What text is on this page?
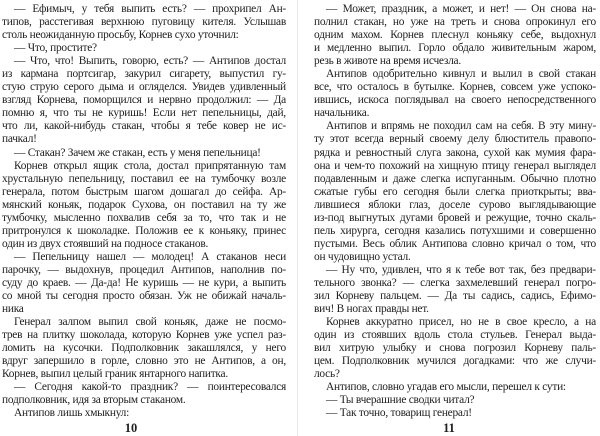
— Ефимыч, у тебя выпить есть? — прохрипел Ан-
типов, расстегивая верхнюю пуговицу кителя. Услышав
столь неожиданную просьбу, Корнев сухо уточнил:
— Что, простите?
— Что, что! Выпить, говорю, есть? — Антипов достал
из кармана портсигар, закурил сигарету, выпустил гу-
стую струю серого дыма и огляделся. Увидев удивленный
взгляд Корнева, поморщился и нервно продолжил: — Да
помню я, что ты не куришь! Если нет пепельницы, дай,
что ли, какой-нибудь стакан, чтобы я тебе ковер не ис-
пачкал!
— Стакан? Зачем же стакан, есть у меня пепельница!
Корнев открыл ящик стола, достал припрятанную там
хрустальную пепельницу, поставил ее на тумбочку возле
генерала, потом быстрым шагом дошагал до сейфа. Ар-
мянский коньяк, подарок Сухова, он поставил на ту же
тумбочку, мысленно похвалив себя за то, что так и не
притронулся к шоколадке. Положив ее к коньяку, принес
один из двух стоявший на подносе стаканов.
— Пепельницу нашел — молодец! А стаканов неси
парочку, — выдохнув, процедил Антипов, наполнив по-
суду до краев. — Да-да! Не куришь — не кури, а выпить
со мной ты сегодня просто обязан. Уж не обижай началь-
ника
Генерал залпом выпил свой коньяк, даже не посмо-
трев на плитку шоколада, которую Корнев уже успел раз-
ломить на кусочки. Подполковник закашлялся, у него
вдруг запершило в горле, словно это не Антипов, а он,
Корнев, выпил целый гра́ник янтарного напитка.
— Сегодня какой-то праздник? — поинтересовался
подполковник, идя за вторым стаканом.
Антипов лишь хмыкнул:
10
— Может, праздник, а может, и нет! — Он снова на-
полнил стакан, но уже на треть и снова опрокинул его
одним махом. Корнев плеснул коньяку себе, выдохнул
и медленно выпил. Горло обдало живительным жаром,
резь в животе на время исчезла.
Антипов одобрительно кивнул и вылил в свой стакан
все, что осталось в бутылке. Корнев, совсем уже успоко-
ившись, искоса поглядывал на своего непосредственного
начальника.
Антипов и впрямь не походил сам на себя. В эту мину-
ту этот всегда верный своему делу блюститель правопо-
рядка и ревностный слуга закона, сухой как мумия фара-
она и чем-то похожий на хищную птицу генерал выглядел
подавленным и даже слегка испуганным. Обычно плотно
сжатые губы его сегодня были слегка приоткрыты; вва-
лившиеся яблоки глаз, доселе сурово выглядывающие
из-под выгнутых дугами бровей и режущие, точно скаль-
пель хирурга, сегодня казались потухшими и совершенно
пустыми. Весь облик Антипова словно кричал о том, что
он чудовищно устал.
— Ну что, удивлен, что я к тебе вот так, без предвари-
тельного звонка? — слегка захмелевший генерал погро-
зил Корневу пальцем. — Да ты садись, садись, Ефимо-
вич! В ногах правды нет.
Корнев аккуратно присел, но не в свое кресло, а на
один из стоявших вдоль стола стульев. Генерал выда-
вил хитрую улыбку и снова погрозил Корневу паль-
цем. Подполковник мучился догадками: что же случи-
лось?
Антипов, словно угадав его мысли, перешел к сути:
— Ты вчерашние сводки читал?
— Так точно, товарищ генерал!
11
